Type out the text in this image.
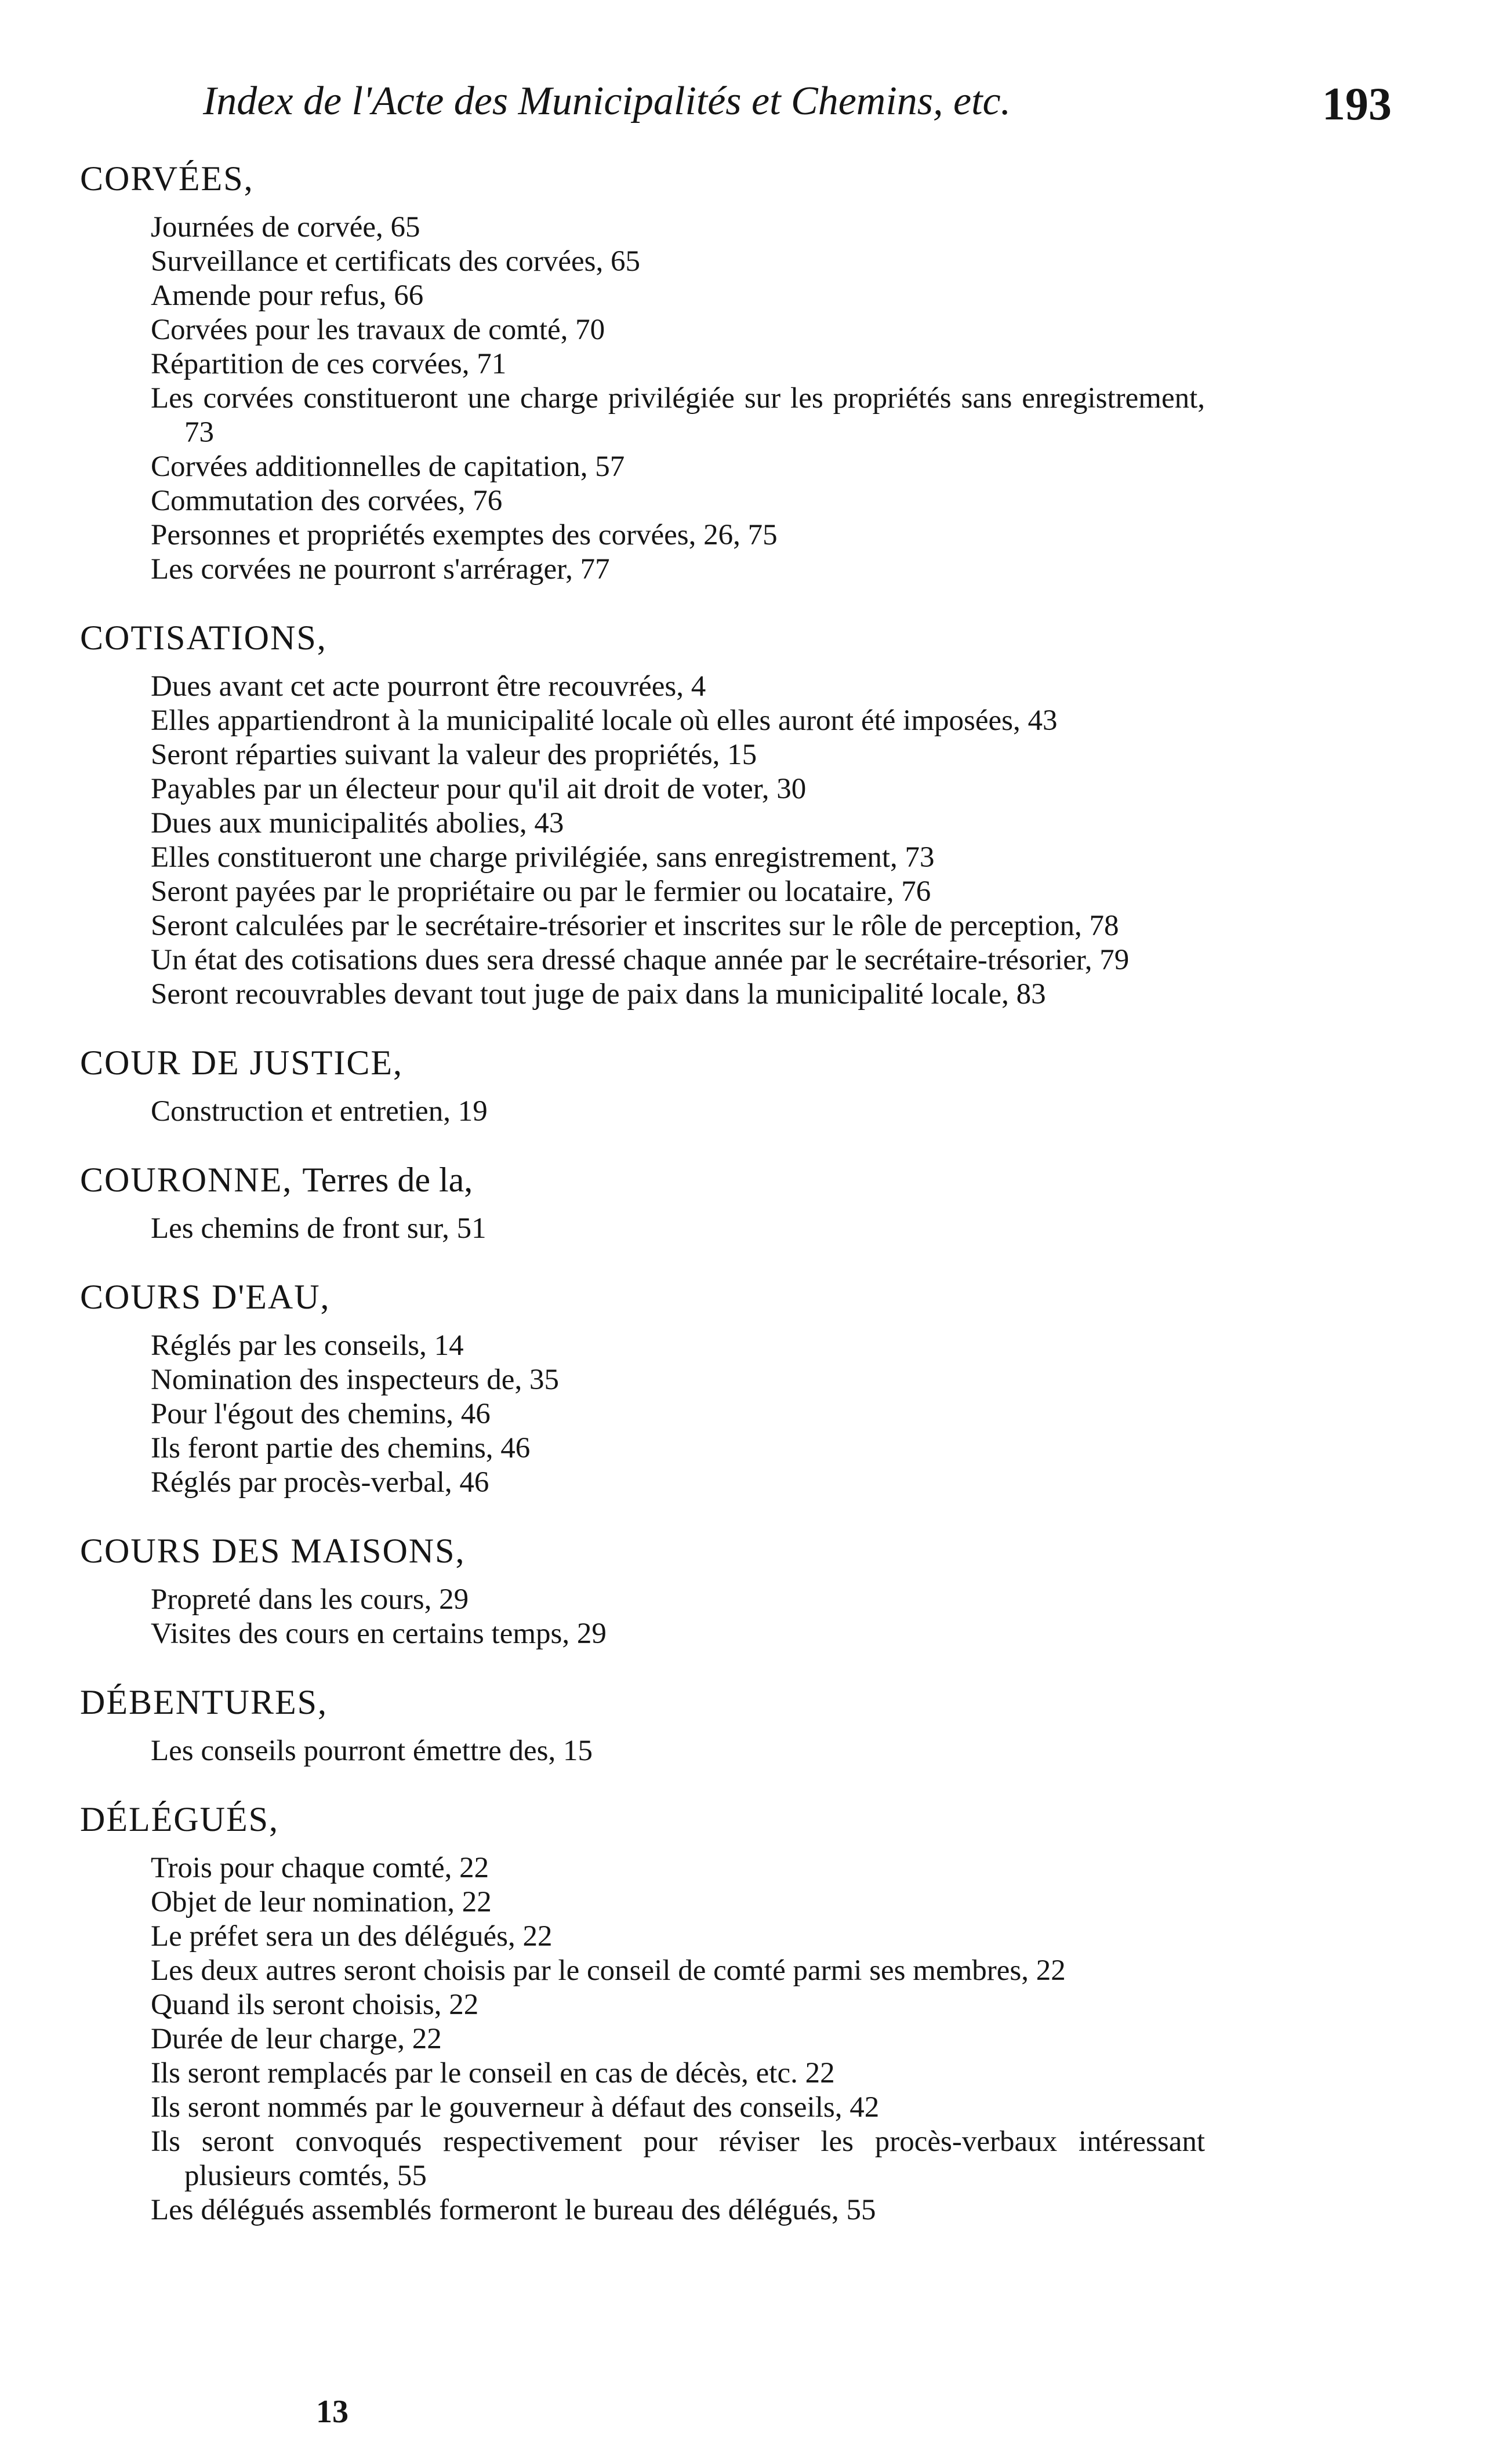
Index de l'Acte des Municipalités et Chemins, etc.	193
CORVÉES,
Journées de corvée, 65
Surveillance et certificats des corvées, 65
Amende pour refus, 66
Corvées pour les travaux de comté, 70
Répartition de ces corvées, 71
Les corvées constitueront une charge privilégiée sur les propriétés sans enregistrement, 73
Corvées additionnelles de capitation, 57
Commutation des corvées, 76
Personnes et propriétés exemptes des corvées, 26, 75
Les corvées ne pourront s'arrérager, 77
COTISATIONS,
Dues avant cet acte pourront être recouvrées, 4
Elles appartiendront à la municipalité locale où elles auront été imposées, 43
Seront réparties suivant la valeur des propriétés, 15
Payables par un électeur pour qu'il ait droit de voter, 30
Dues aux municipalités abolies, 43
Elles constitueront une charge privilégiée, sans enregistrement, 73
Seront payées par le propriétaire ou par le fermier ou locataire, 76
Seront calculées par le secrétaire-trésorier et inscrites sur le rôle de perception, 78
Un état des cotisations dues sera dressé chaque année par le secrétaire-trésorier, 79
Seront recouvrables devant tout juge de paix dans la municipalité locale, 83
COUR DE JUSTICE,
Construction et entretien, 19
COURONNE, Terres de la,
Les chemins de front sur, 51
COURS D'EAU,
Réglés par les conseils, 14
Nomination des inspecteurs de, 35
Pour l'égout des chemins, 46
Ils feront partie des chemins, 46
Réglés par procès-verbal, 46
COURS DES MAISONS,
Propreté dans les cours, 29
Visites des cours en certains temps, 29
DÉBENTURES,
Les conseils pourront émettre des, 15
DÉLÉGUÉS,
Trois pour chaque comté, 22
Objet de leur nomination, 22
Le préfet sera un des délégués, 22
Les deux autres seront choisis par le conseil de comté parmi ses membres, 22
Quand ils seront choisis, 22
Durée de leur charge, 22
Ils seront remplacés par le conseil en cas de décès, etc. 22
Ils seront nommés par le gouverneur à défaut des conseils, 42
Ils seront convoqués respectivement pour réviser les procès-verbaux intéressant plusieurs comtés, 55
Les délégués assemblés formeront le bureau des délégués, 55
13
